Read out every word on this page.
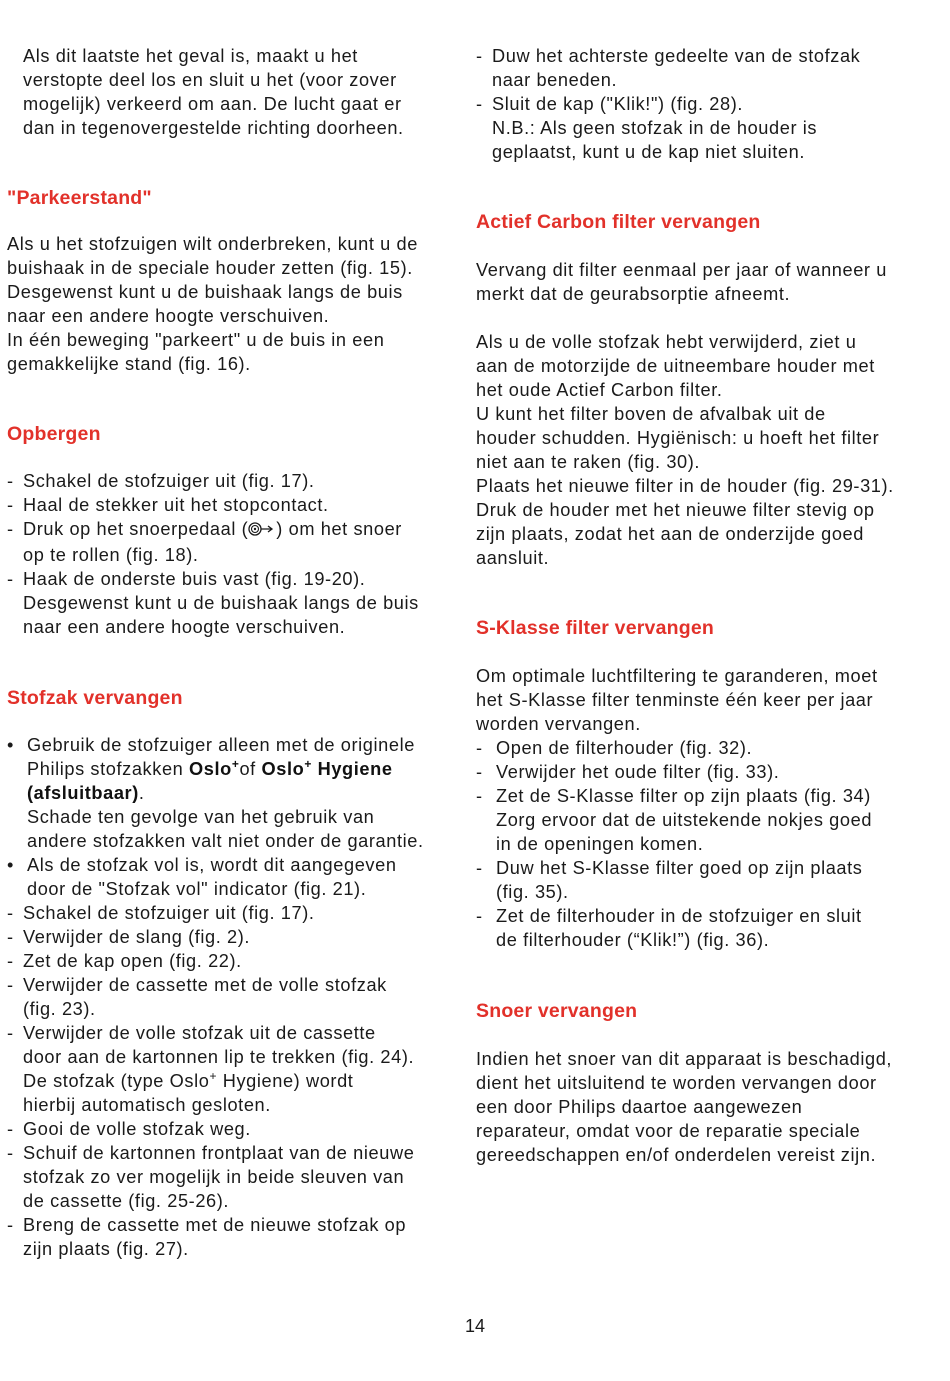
Als dit laatste het geval is, maakt u het

verstopte deel los en sluit u het (voor zover

mogelijk) verkeerd om aan. De lucht gaat er

dan in tegenovergestelde richting doorheen.

"Parkeerstand"

Als u het stofzuigen wilt onderbreken, kunt u de

buishaak in de speciale houder zetten (fig. 15).

Desgewenst kunt u de buishaak langs de buis

naar een andere hoogte verschuiven.

In één beweging "parkeert" u de buis in een

gemakkelijke stand (fig. 16).

Opbergen
- Schakel de stofzuiger uit (fig. 17).

- Haal de stekker uit het stopcontact.

- Druk op het snoerpedaal ( ) om het snoer

op te rollen (fig. 18).

- Haak de onderste buis vast (fig. 19-20).

Desgewenst kunt u de buishaak langs de buis

naar een andere hoogte verschuiven.

Stofzak vervangen
• Gebruik de stofzuiger alleen met de originele

Philips stofzakken Oslo+of Oslo+ Hygiene

(afsluitbaar).

Schade ten gevolge van het gebruik van

andere stofzakken valt niet onder de garantie.

• Als de stofzak vol is, wordt dit aangegeven

door de "Stofzak vol" indicator (fig. 21).

- Schakel de stofzuiger uit (fig. 17).

- Verwijder de slang (fig. 2).

- Zet de kap open (fig. 22).

- Verwijder de cassette met de volle stofzak

(fig. 23).

- Verwijder de volle stofzak uit de cassette

door aan de kartonnen lip te trekken (fig. 24).

De stofzak (type Oslo+ Hygiene) wordt

hierbij automatisch gesloten.

- Gooi de volle stofzak weg.

- Schuif de kartonnen frontplaat van de nieuwe

stofzak zo ver mogelijk in beide sleuven van

de cassette (fig. 25-26).

- Breng de cassette met de nieuwe stofzak op

zijn plaats (fig. 27).

- Duw het achterste gedeelte van de stofzak

naar beneden.

- Sluit de kap ("Klik!") (fig. 28).

N.B.: Als geen stofzak in de houder is

geplaatst, kunt u de kap niet sluiten.

Actief Carbon filter vervangen

Vervang dit filter eenmaal per jaar of wanneer u

merkt dat de geurabsorptie afneemt.

Als u de volle stofzak hebt verwijderd, ziet u

aan de motorzijde de uitneembare houder met

het oude Actief Carbon filter.

U kunt het filter boven de afvalbak uit de

houder schudden. Hygiënisch: u hoeft het filter

niet aan te raken (fig. 30).

Plaats het nieuwe filter in de houder (fig. 29-31).

Druk de houder met het nieuwe filter stevig op

zijn plaats, zodat het aan de onderzijde goed

aansluit.

S-Klasse filter vervangen

Om optimale luchtfiltering te garanderen, moet

het S-Klasse filter tenminste één keer per jaar

worden vervangen.

- Open de filterhouder (fig. 32).

- Verwijder het oude filter (fig. 33).

- Zet de S-Klasse filter op zijn plaats (fig. 34)

Zorg ervoor dat de uitstekende nokjes goed

in de openingen komen.

- Duw het S-Klasse filter goed op zijn plaats

(fig. 35).

- Zet de filterhouder in de stofzuiger en sluit

de filterhouder (“Klik!”) (fig. 36).

Snoer vervangen

Indien het snoer van dit apparaat is beschadigd,

dient het uitsluitend te worden vervangen door

een door Philips daartoe aangewezen

reparateur, omdat voor de reparatie speciale

gereedschappen en/of onderdelen vereist zijn.

14
